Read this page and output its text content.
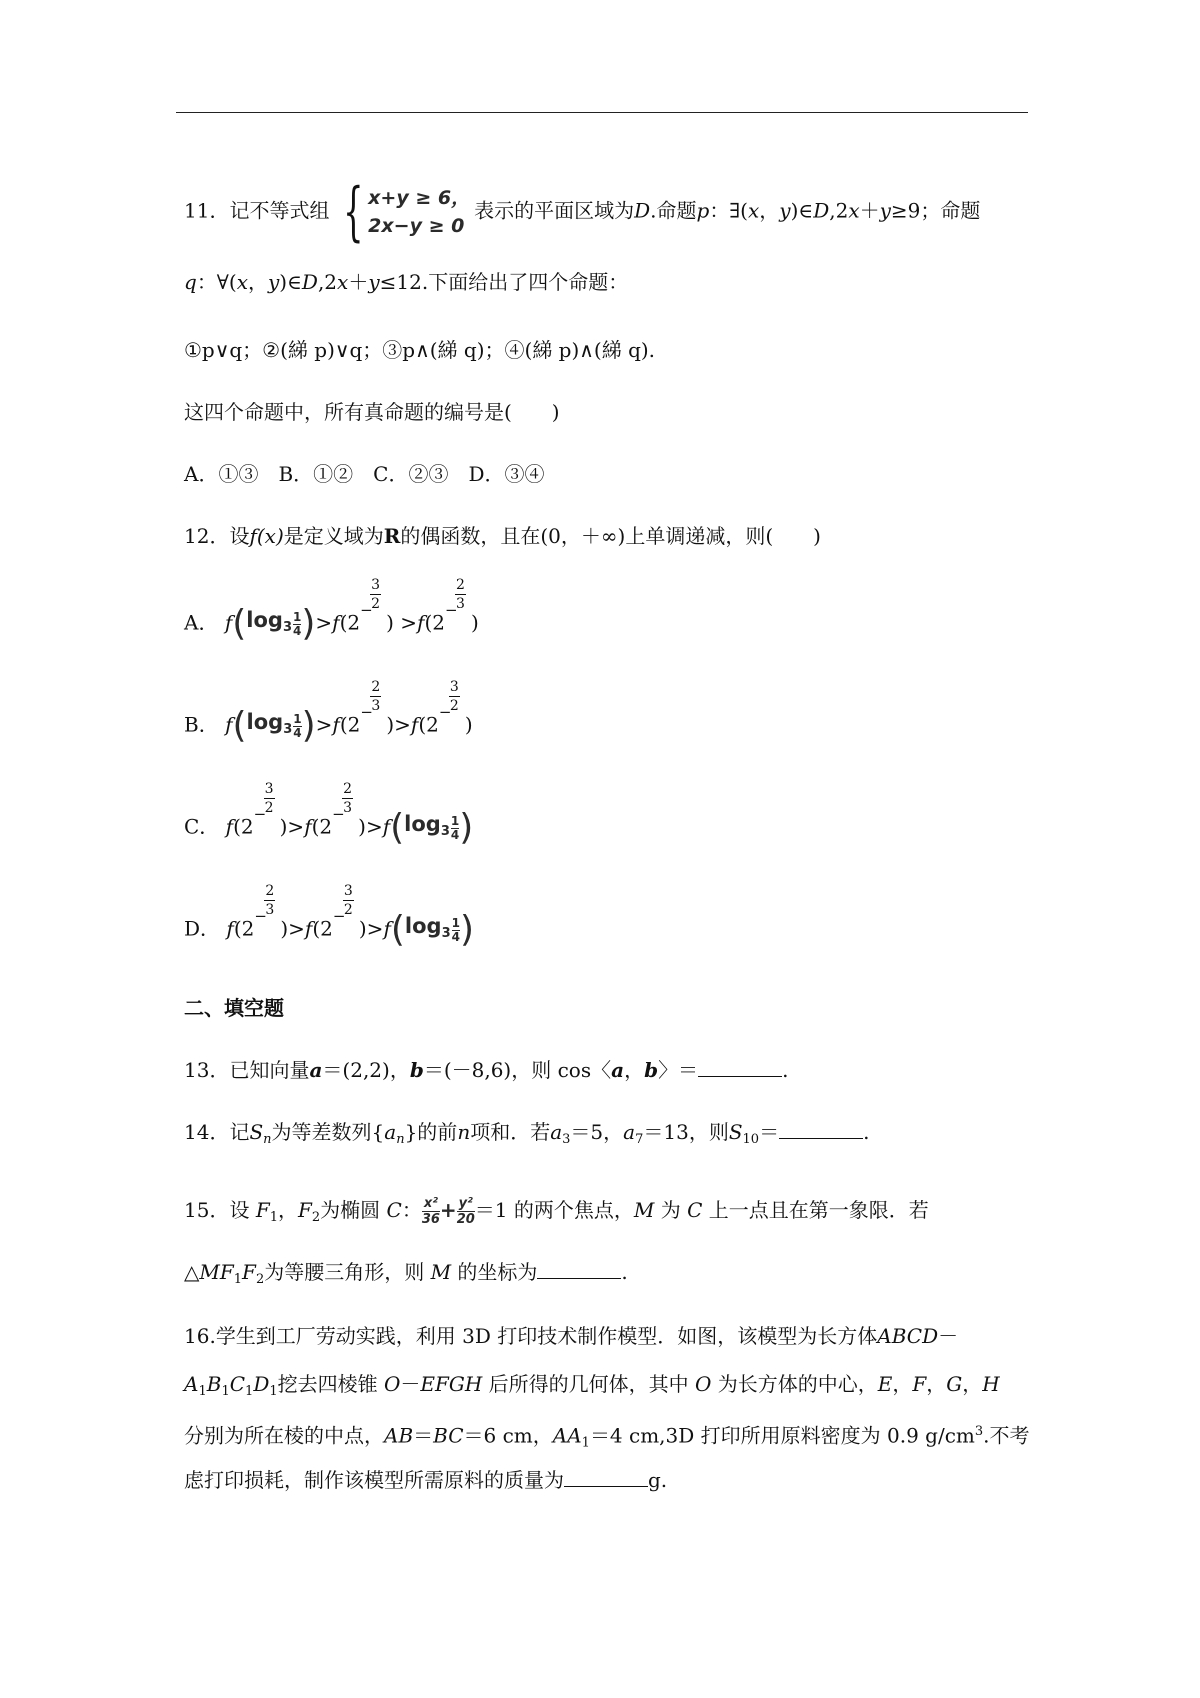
11．记不等式组 { x+y ≥ 6，
2x−y ≥ 0
表示的平面区域为D.命题p：∃(x，y)∈D,2x＋y≥9；命题
q：∀(x，y)∈D,2x＋y≤12.下面给出了四个命题：
①p∨q；②(綈 p)∨q；③p∧(綈 q)；④(綈 p)∧(綈 q).
这四个命题中，所有真命题的编号是(　　)
A．①③　B．①②　C．②③　D．③④
12．设f(x)是定义域为R的偶函数，且在(0，＋∞)上单调递减，则(　　)
A． $f(\log_3 \frac{1}{4} )>f(2$
−
$\frac{3}{2}$
) >f(2
−
$\frac{2}{3}$
)
B． $f(\log_3 \frac{1}{4} )>f(2$
−
$\frac{2}{3}$
)>f(2
−
$\frac{3}{2}$
)
C． f(2
−
$\frac{3}{2}$
)>f(2
−
$\frac{2}{3}$
)$>f(\log_3 \frac{1}{4}$ )
D． f(2
−
$\frac{2}{3}$
)>f(2
−
$\frac{3}{2}$
)$>f(\log_3 \frac{1}{4}$ )
二、填空题
13．已知向量a＝(2,2)，b＝(－8,6)，则 cos〈a，b〉＝	.
14．记$S_n$为等差数列$\{a_n\}$的前n项和．若$a_3=5$，$a_7=13$，则$S_{10}=$	.
15．设 $F_1$，$F_2$为椭圆 C： $\frac{\text{x²}}{36} + \frac{\text{y²}}{20} =1$ 的两个焦点，M 为 C 上一点且在第一象限．若
$\triangle MF_1F_2$为等腰三角形，则 M 的坐标为	.
16.学生到工厂劳动实践，利用 3D 打印技术制作模型．如图，该模型为长方体ABCD－
$A_1B_1C_1D_1$挖去四棱锥 O－EFGH 后所得的几何体，其中 O 为长方体的中心，E，F，G，H
分别为所在棱的中点，AB＝BC＝6 cm，$AA_1=4$ cm,3D 打印所用原料密度为 0.9 $g/cm^3$.不考
虑打印损耗，制作该模型所需原料的质量为	g.
